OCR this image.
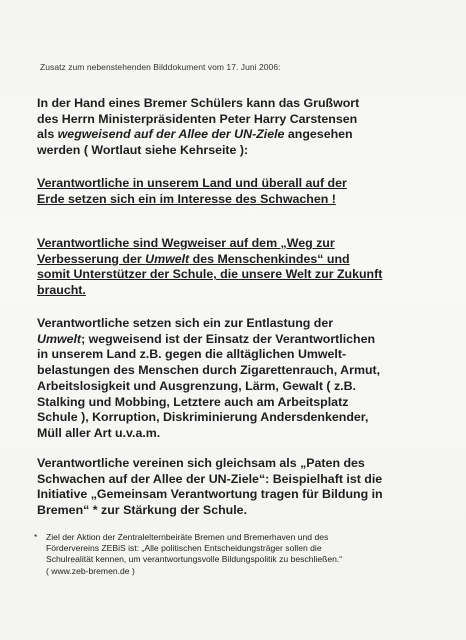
Zusatz zum nebenstehenden Bilddokument vom 17. Juni 2006:

In der Hand eines Bremer Schülers kann das Grußwort

des Herrn Ministerpräsidenten Peter Harry Carstensen

als wegweisend auf der Allee der UN-Ziele angesehen

werden ( Wortlaut siehe Kehrseite ):

Verantwortliche in unserem Land und überall auf der

Erde setzen sich ein im Interesse des Schwachen !

Verantwortliche sind Wegweiser auf dem „Weg zur

Verbesserung der Umwelt des Menschenkindes“ und

somit Unterstützer der Schule, die unsere Welt zur Zukunft

braucht.

Verantwortliche setzen sich ein zur Entlastung der

Umwelt; wegweisend ist der Einsatz der Verantwortlichen

in unserem Land z.B. gegen die alltäglichen Umwelt-

belastungen des Menschen durch Zigarettenrauch, Armut,

Arbeitslosigkeit und Ausgrenzung, Lärm, Gewalt ( z.B.

Stalking und Mobbing, Letztere auch am Arbeitsplatz

Schule ), Korruption, Diskriminierung Andersdenkender,

Müll aller Art u.v.a.m.

Verantwortliche vereinen sich gleichsam als „Paten des

Schwachen auf der Allee der UN-Ziele“: Beispielhaft ist die

Initiative „Gemeinsam Verantwortung tragen für Bildung in

Bremen“ * zur Stärkung der Schule.

* Ziel der Aktion der Zentralelternbeiräte Bremen und Bremerhaven und des
Fördervereins ZEBiS ist: „Alle politischen Entscheidungsträger sollen die
Schulrealität kennen, um verantwortungsvolle Bildungspolitik zu beschließen.“
( www.zeb-bremen.de )
